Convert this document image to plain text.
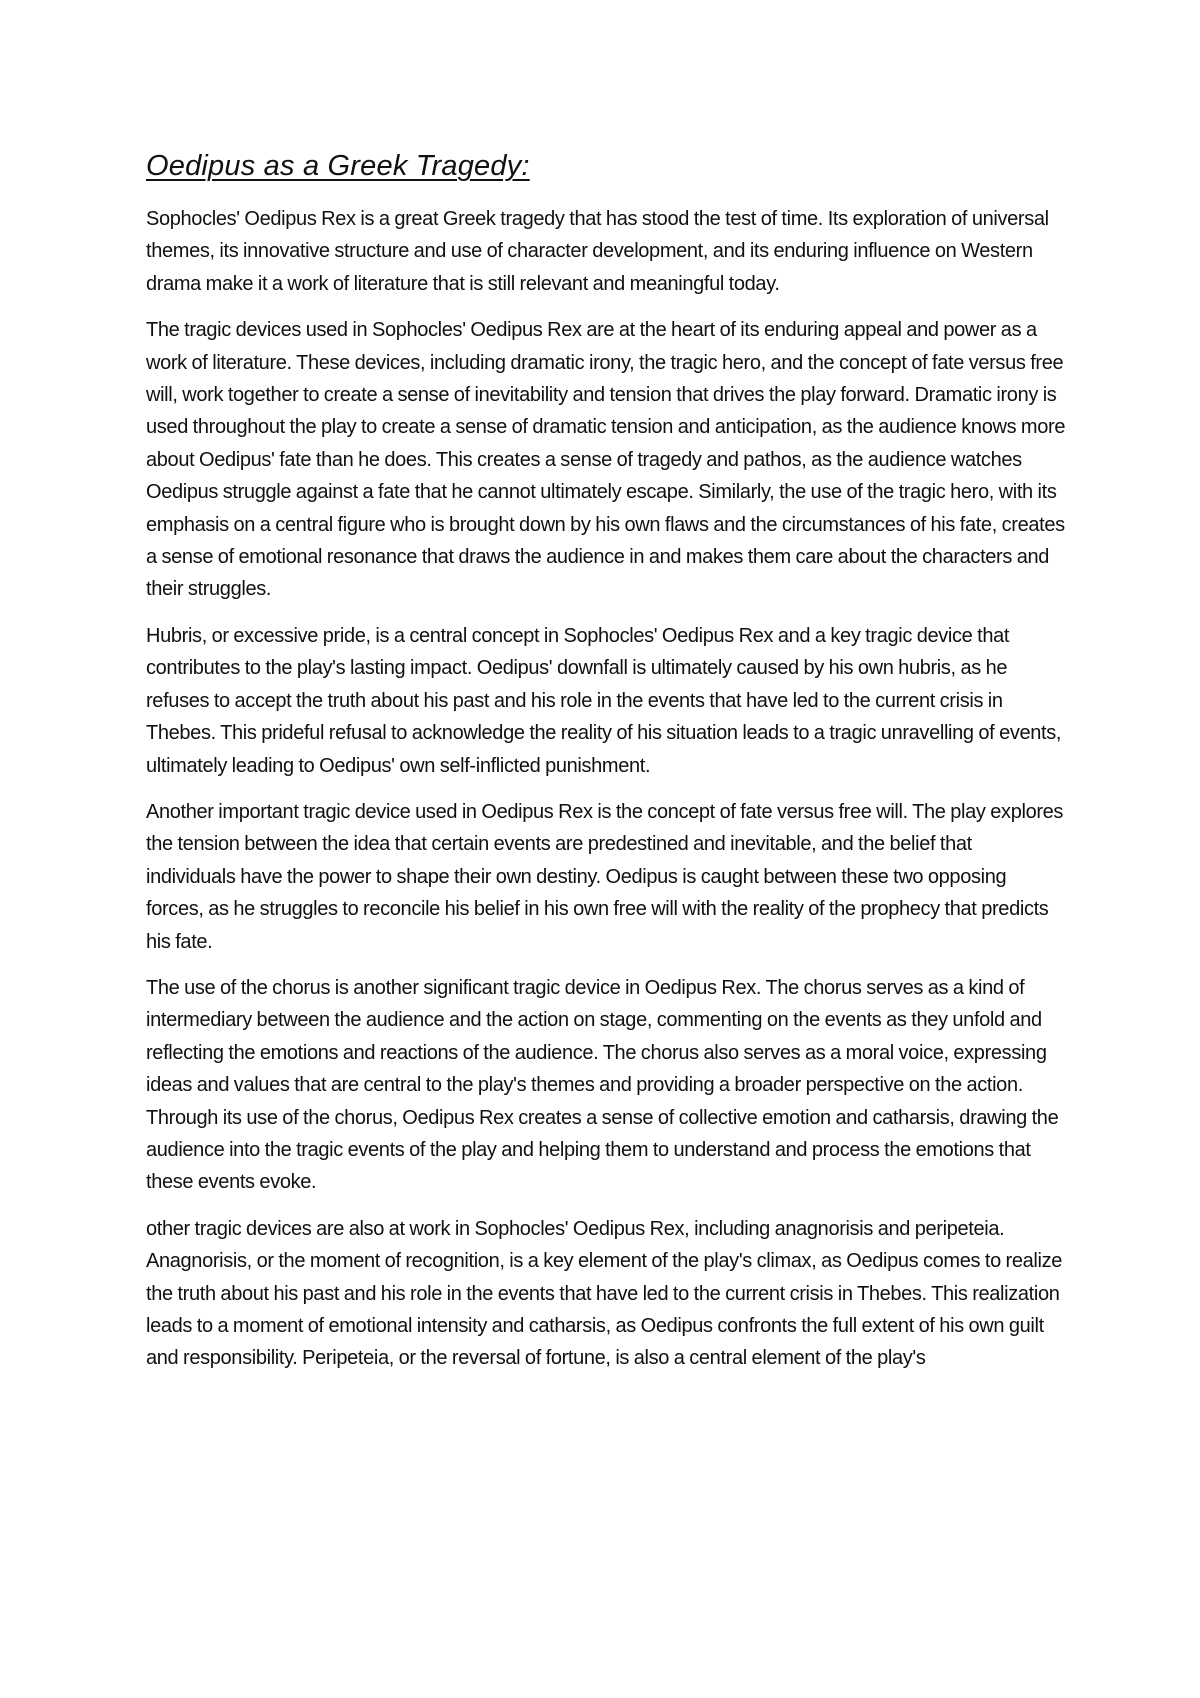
Oedipus as a Greek Tragedy:

Sophocles' Oedipus Rex is a great Greek tragedy that has stood the test of time. Its exploration of universal themes, its innovative structure and use of character development, and its enduring influence on Western drama make it a work of literature that is still relevant and meaningful today.

The tragic devices used in Sophocles' Oedipus Rex are at the heart of its enduring appeal and power as a work of literature. These devices, including dramatic irony, the tragic hero, and the concept of fate versus free will, work together to create a sense of inevitability and tension that drives the play forward. Dramatic irony is used throughout the play to create a sense of dramatic tension and anticipation, as the audience knows more about Oedipus' fate than he does. This creates a sense of tragedy and pathos, as the audience watches Oedipus struggle against a fate that he cannot ultimately escape. Similarly, the use of the tragic hero, with its emphasis on a central figure who is brought down by his own flaws and the circumstances of his fate, creates a sense of emotional resonance that draws the audience in and makes them care about the characters and their struggles.

Hubris, or excessive pride, is a central concept in Sophocles' Oedipus Rex and a key tragic device that contributes to the play's lasting impact. Oedipus' downfall is ultimately caused by his own hubris, as he refuses to accept the truth about his past and his role in the events that have led to the current crisis in Thebes. This prideful refusal to acknowledge the reality of his situation leads to a tragic unravelling of events, ultimately leading to Oedipus' own self-inflicted punishment.

Another important tragic device used in Oedipus Rex is the concept of fate versus free will. The play explores the tension between the idea that certain events are predestined and inevitable, and the belief that individuals have the power to shape their own destiny. Oedipus is caught between these two opposing forces, as he struggles to reconcile his belief in his own free will with the reality of the prophecy that predicts his fate.

The use of the chorus is another significant tragic device in Oedipus Rex. The chorus serves as a kind of intermediary between the audience and the action on stage, commenting on the events as they unfold and reflecting the emotions and reactions of the audience. The chorus also serves as a moral voice, expressing ideas and values that are central to the play's themes and providing a broader perspective on the action. Through its use of the chorus, Oedipus Rex creates a sense of collective emotion and catharsis, drawing the audience into the tragic events of the play and helping them to understand and process the emotions that these events evoke.

other tragic devices are also at work in Sophocles' Oedipus Rex, including anagnorisis and peripeteia. Anagnorisis, or the moment of recognition, is a key element of the play's climax, as Oedipus comes to realize the truth about his past and his role in the events that have led to the current crisis in Thebes. This realization leads to a moment of emotional intensity and catharsis, as Oedipus confronts the full extent of his own guilt and responsibility. Peripeteia, or the reversal of fortune, is also a central element of the play's
